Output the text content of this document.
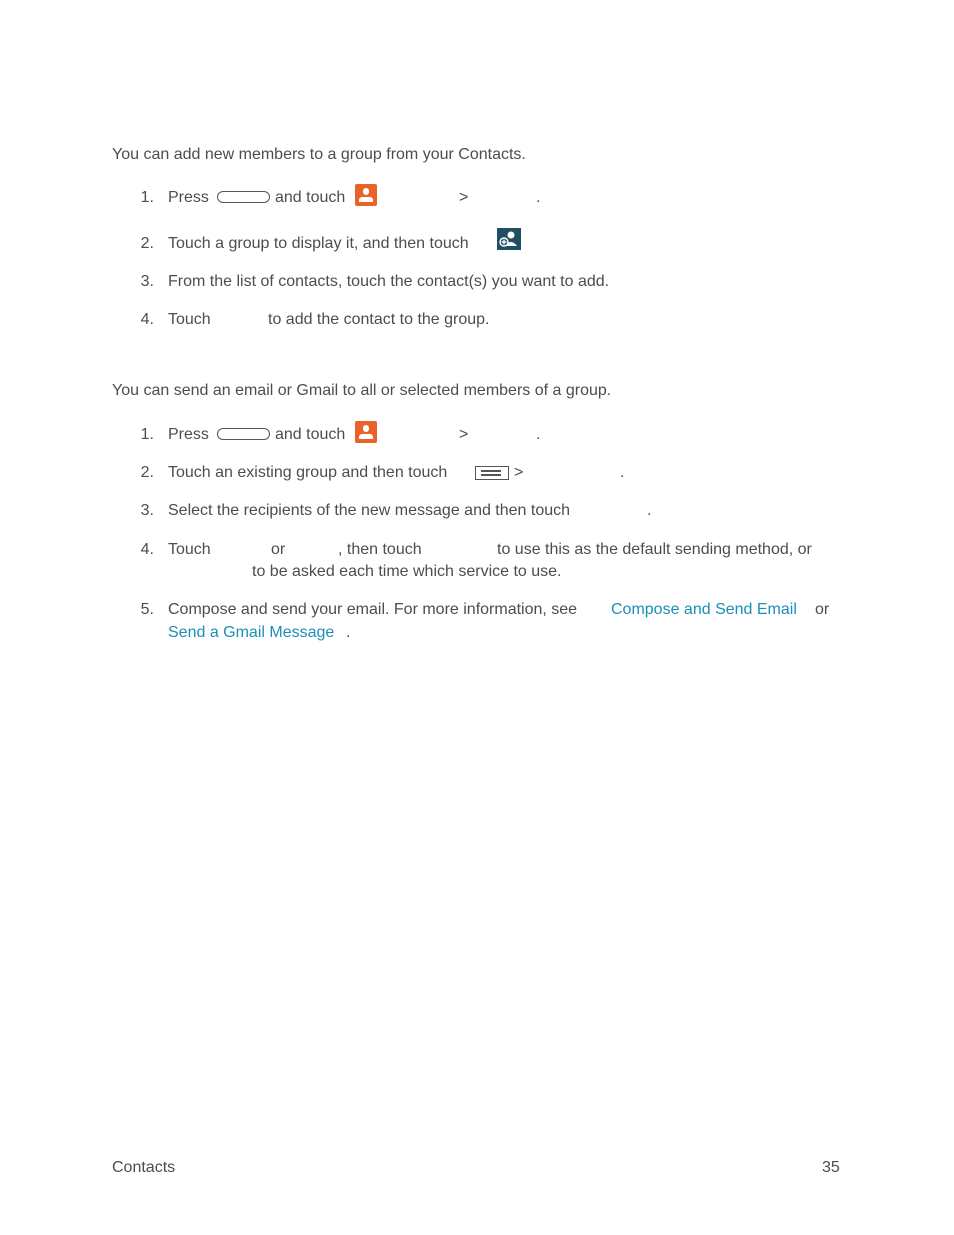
You can add new members to a group from your Contacts.
1. Press	and touch	>	.
2. Touch a group to display it, and then touch
3. From the list of contacts, touch the contact(s) you want to add.
4. Touch	to add the contact to the group.
You can send an email or Gmail to all or selected members of a group.
1. Press	and touch	>	.
2. Touch an existing group and then touch	>	.
3. Select the recipients of the new message and then touch	.
4. Touch	or	, then touch	to use this as the default sending method, or
to be asked each time which service to use.
5. Compose and send your email. For more information, see Compose and Send Email or
Send a Gmail Message .
Contacts	35
